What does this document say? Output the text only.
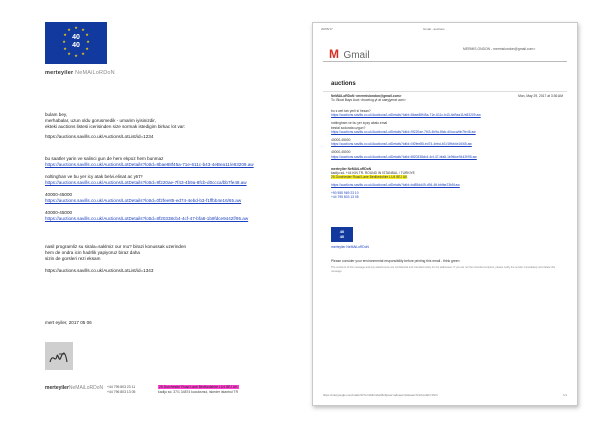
★ ★
★
★
★
★
★
★
★
★
★
★
40
40
merteyiler NeMAiLoRDoN

bulam bey,

merhabalar, uzun oldu gorusmedik - umarim iyisinizdir,

ekteki auctions listesi icerisinden size sormak istedigim birkac lot var:

https://auctions.savills.co.uk/Auctions/LotList/id=1234

bu saatler yarin ve salinci gun de hem ekpoz hem bunmaz

https://auctions.savills.co.uk/Auctions/LotDetails?lotId=8bae88f45a-71e-611c-b43-4eBea11/e83209.aw

noltinghan ve bu yer icy atak belvi.elinat ac ytrt?

https://auctions.savills.co.uk/Auctions/LotDetails?lotId=9f220ae-7f43-4b9a-8fcb-d0ccca/bb7fe48.aw

40000-45000

https://auctions.savills.co.uk/Auctions/LotDetails?lotId=0f2fee85-ed74-4ebd-b3-f1ffbb4e16/65.aw

40000-45000

https://auctions.savills.co.uk/Auctions/LotDetails?lotId=8f20338cb4-4cf-47-bfa8-1b9fdce9442f/95.aw

nasil programliz su sirala=saklmiz our mu? birazi konussak uzerinden

hem de ondra icin hadrlik yapiyoruz biraz daha

sizin de gorsleri rezi eksam

https://auctions.savills.co.uk/Auctions/LotList/id=1343

mert eyiler, 2017 05 06
merteyilerNeMAiLoRDoN +44 795 803 23 11
+44 796 803 13 05
25 Dorchester Road Lane Bedfordshire LU4 8EJ UK
kadiju sd. 37/1 34874 kucuksmul, iskeder istanbul TR
20/05/17	Gmail - auctions
M Gmail
MERMIS.ONDON - mermislondon@gmail.com>
auctions

NeMAiLoRDoN <mermislondon@gmail.com>	Mon, May 29, 2017 at 3:36 AM

To: Bloat Bays Auct <bucelog.yt at oaeyjymat ucm>

bu s wet tah yerli sl hesan?

https://auctions.savills.co.uk/Auctions/LotDetails?lotId=8bae88f45a-71e-611c-b43-4eBea11/e83209.aw

nottingham ve bu yer icyzy abalo.emal

bestal sodurata uzgun?

https://auctions.savills.co.uk/Auctions/LotDetails?lotId=9f220ae-7f43-4b9a-8fcb-d0ccca/bb7fe48.aw

40000-45000

https://auctions.savills.co.uk/Auctions/LotDetails?lotId=0f2fee85-ed74-4ebd-b3-f1ffbb4e16/65.aw

40000-45000

https://auctions.savills.co.uk/Auctions/LotDetails?lotId=8f20338cb4-4cf-47-bfa8-1b9fdce9442f/95.aw

merteyiler NeMAiLoRDoN

kadiju sd. +44 KIN TR. ROUND IN ISTANBUL / TURKIYE

25 Dorchester Road Lane Bedfordshire LU4 8EJ UK

https://auctions.savills.co.uk/Auctions/LotDetails?lotId=bd85dd49-d94-4ft-bbfbe23b5f.aw

+90 555 969 23 10

+44 795 803 13 05

40
40

merteyiler NeMAiLoRDoN

Please consider your environmental responsibility before printing this email - think green

The contents of this message and any attachments are confidential and intended solely for the addressee. If you are not the intended recipient, please notify the sender immediately and delete this message.

https://mail.google.com/mail/u/0/?ui=2&ik=abe66c&jsver=a&view=pt&search=inbox&th=15c4	1/1
